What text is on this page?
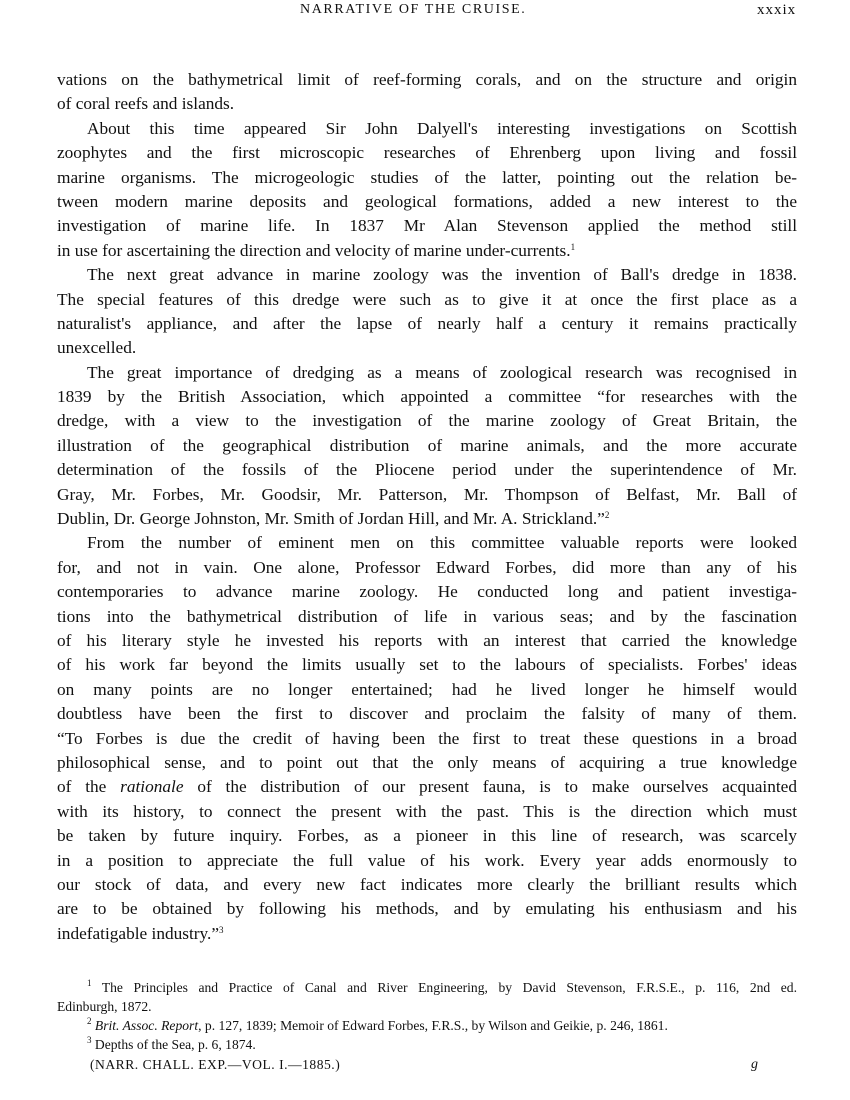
NARRATIVE OF THE CRUISE.	xxxix
vations on the bathymetrical limit of reef-forming corals, and on the structure and origin
of coral reefs and islands.
About this time appeared Sir John Dalyell's interesting investigations on Scottish
zoophytes and the first microscopic researches of Ehrenberg upon living and fossil
marine organisms. The microgeologic studies of the latter, pointing out the relation be-
tween modern marine deposits and geological formations, added a new interest to the
investigation of marine life. In 1837 Mr Alan Stevenson applied the method still
in use for ascertaining the direction and velocity of marine under-currents.$^1$
The next great advance in marine zoology was the invention of Ball's dredge in 1838.
The special features of this dredge were such as to give it at once the first place as a
naturalist's appliance, and after the lapse of nearly half a century it remains practically
unexcelled.
The great importance of dredging as a means of zoological research was recognised in
1839 by the British Association, which appointed a committee “for researches with the
dredge, with a view to the investigation of the marine zoology of Great Britain, the
illustration of the geographical distribution of marine animals, and the more accurate
determination of the fossils of the Pliocene period under the superintendence of Mr.
Gray, Mr. Forbes, Mr. Goodsir, Mr. Patterson, Mr. Thompson of Belfast, Mr. Ball of
Dublin, Dr. George Johnston, Mr. Smith of Jordan Hill, and Mr. A. Strickland.”$^2$
From the number of eminent men on this committee valuable reports were looked
for, and not in vain. One alone, Professor Edward Forbes, did more than any of his
contemporaries to advance marine zoology. He conducted long and patient investiga-
tions into the bathymetrical distribution of life in various seas; and by the fascination
of his literary style he invested his reports with an interest that carried the knowledge
of his work far beyond the limits usually set to the labours of specialists. Forbes' ideas
on many points are no longer entertained; had he lived longer he himself would
doubtless have been the first to discover and proclaim the falsity of many of them.
“To Forbes is due the credit of having been the first to treat these questions in a broad
philosophical sense, and to point out that the only means of acquiring a true knowledge
of the rationale of the distribution of our present fauna, is to make ourselves acquainted
with its history, to connect the present with the past. This is the direction which must
be taken by future inquiry. Forbes, as a pioneer in this line of research, was scarcely
in a position to appreciate the full value of his work. Every year adds enormously to
our stock of data, and every new fact indicates more clearly the brilliant results which
are to be obtained by following his methods, and by emulating his enthusiasm and his
indefatigable industry.”$^3$
$^1$ The Principles and Practice of Canal and River Engineering, by David Stevenson, F.R.S.E., p. 116, 2nd ed.
Edinburgh, 1872.
$^2$ Brit. Assoc. Report, p. 127, 1839; Memoir of Edward Forbes, F.R.S., by Wilson and Geikie, p. 246, 1861.
$^3$ Depths of the Sea, p. 6, 1874.
(NARR. CHALL. EXP.—VOL. I.—1885.)	g
